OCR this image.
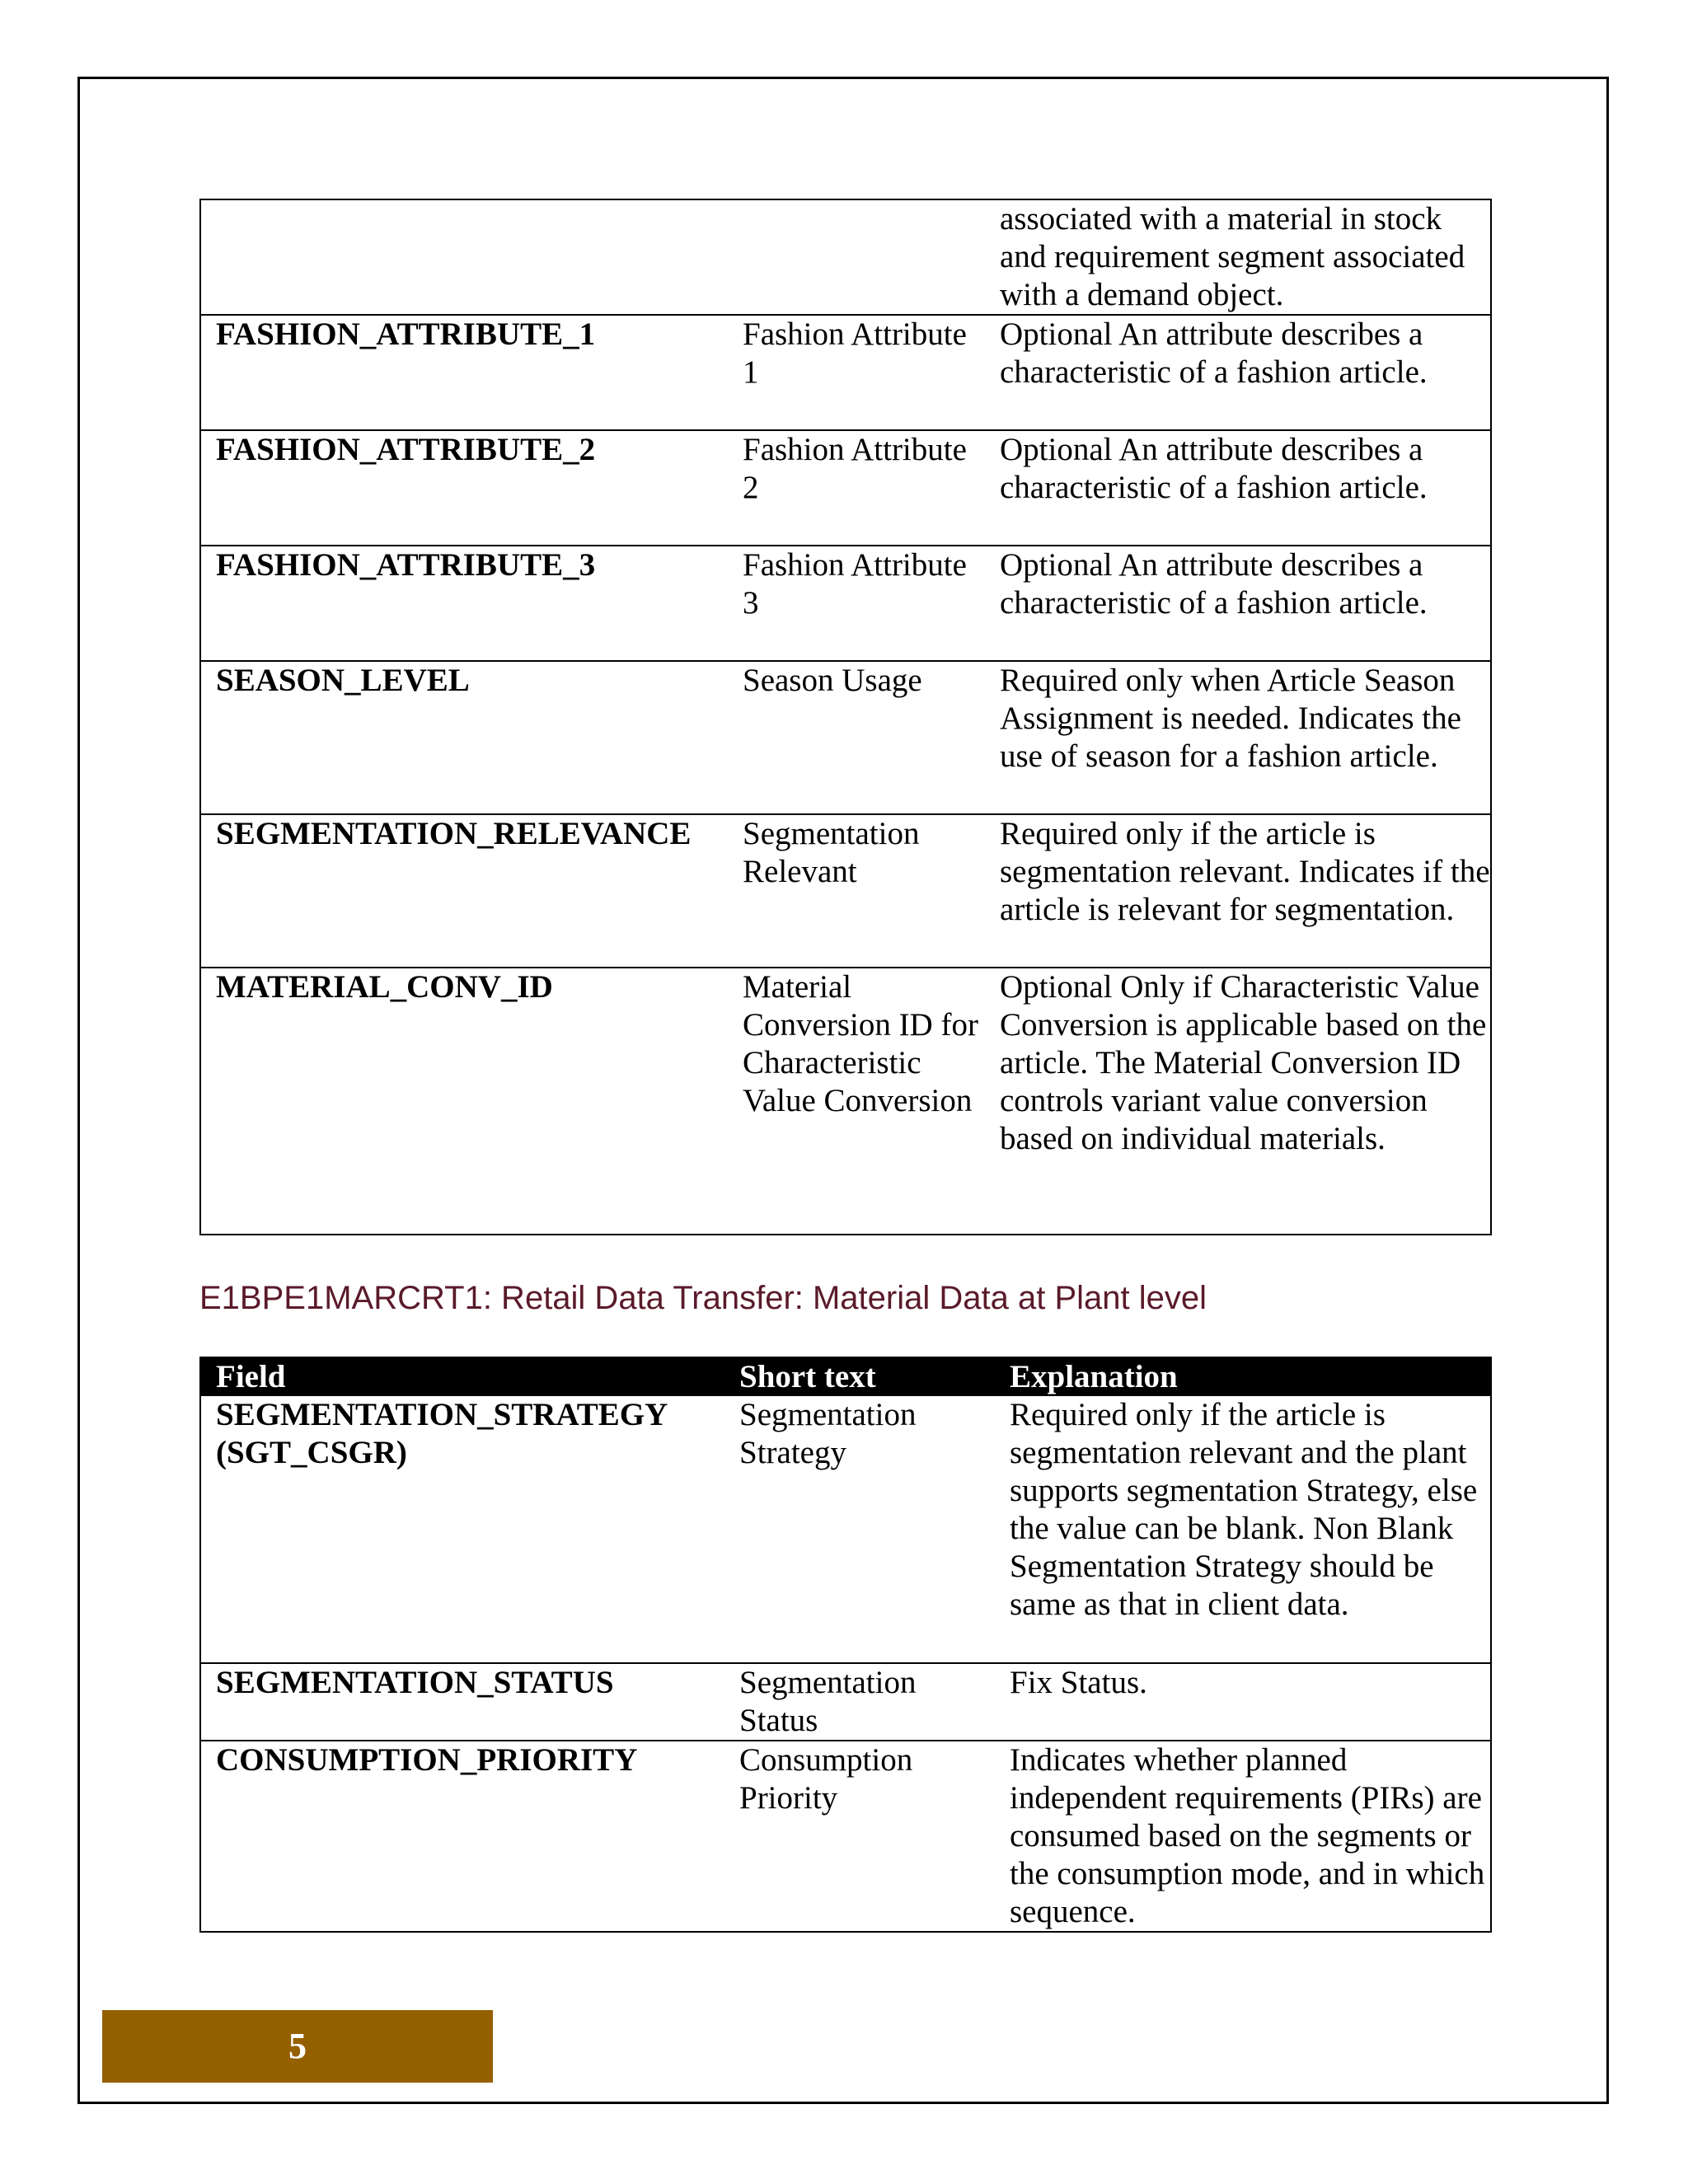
		associated with a material in stock and requirement segment associated with a demand object.
FASHION_ATTRIBUTE_1	Fashion Attribute 1	Optional An attribute describes a characteristic of a fashion article.
FASHION_ATTRIBUTE_2	Fashion Attribute 2	Optional An attribute describes a characteristic of a fashion article.
FASHION_ATTRIBUTE_3	Fashion Attribute 3	Optional An attribute describes a characteristic of a fashion article.
SEASON_LEVEL	Season Usage	Required only when Article Season Assignment is needed. Indicates the use of season for a fashion article.
SEGMENTATION_RELEVANCE	Segmentation Relevant	Required only if the article is segmentation relevant. Indicates if the article is relevant for segmentation.
MATERIAL_CONV_ID	Material Conversion ID for Characteristic Value Conversion	Optional Only if Characteristic Value Conversion is applicable based on the article. The Material Conversion ID controls variant value conversion based on individual materials.
E1BPE1MARCRT1: Retail Data Transfer: Material Data at Plant level
Field	Short text	Explanation
SEGMENTATION_STRATEGY (SGT_CSGR)	Segmentation Strategy	Required only if the article is segmentation relevant and the plant supports segmentation Strategy, else the value can be blank. Non Blank Segmentation Strategy should be same as that in client data.
SEGMENTATION_STATUS	Segmentation Status	Fix Status.
CONSUMPTION_PRIORITY	Consumption Priority	Indicates whether planned independent requirements (PIRs) are consumed based on the segments or the consumption mode, and in which sequence.
5
